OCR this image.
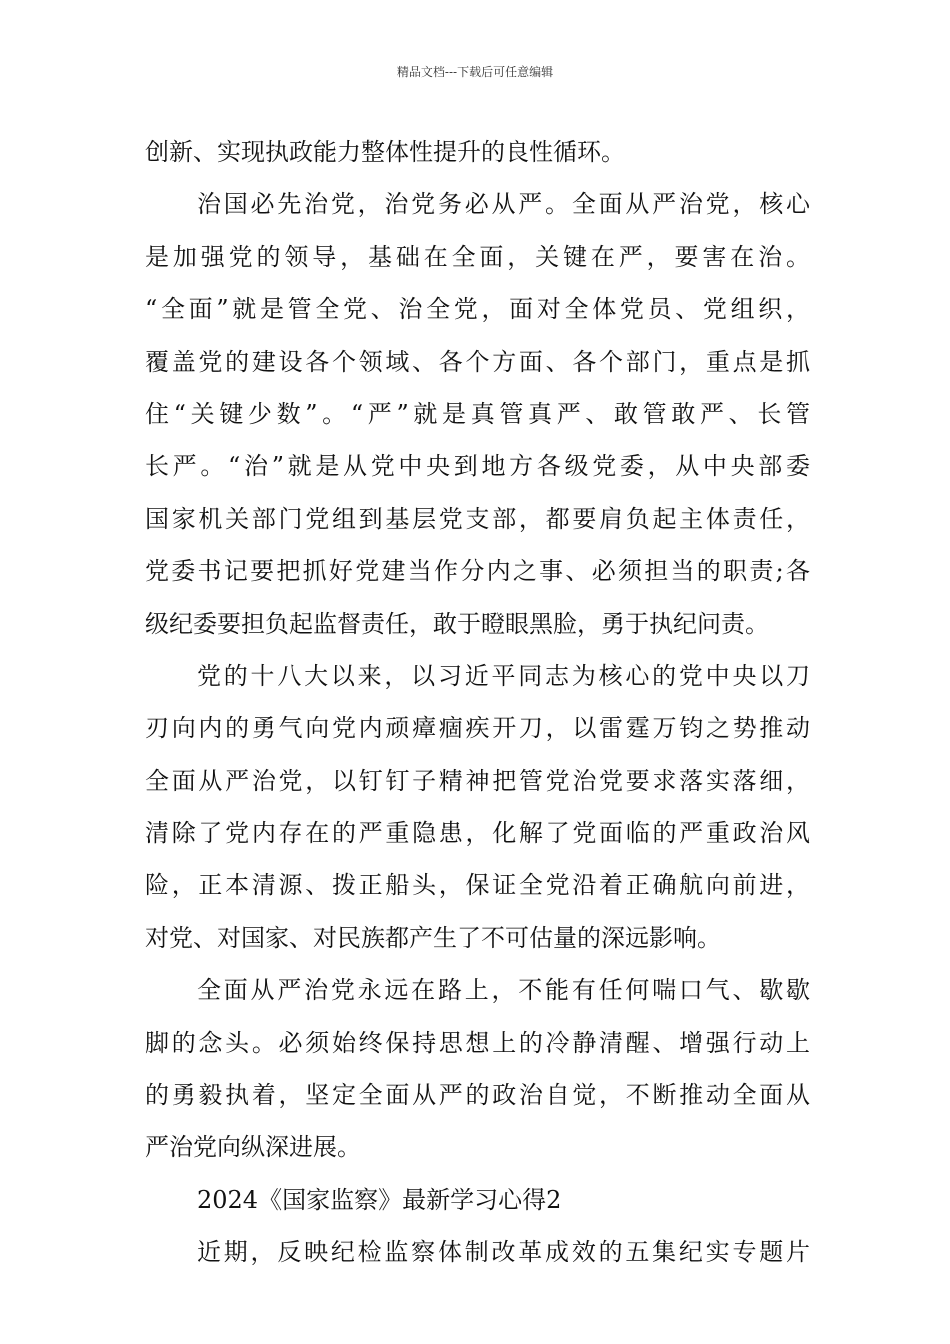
精品文档---下载后可任意编辑
创新、实现执政能力整体性提升的良性循环。
治国必先治党，治党务必从严。全面从严治党，核心
是加强党的领导，基础在全面，关键在严，要害在治。
“全面”就是管全党、治全党，面对全体党员、党组织，
覆盖党的建设各个领域、各个方面、各个部门，重点是抓
住“关键少数”。“严”就是真管真严、敢管敢严、长管
长严。“治”就是从党中央到地方各级党委，从中央部委
国家机关部门党组到基层党支部，都要肩负起主体责任，
党委书记要把抓好党建当作分内之事、必须担当的职责;各
级纪委要担负起监督责任，敢于瞪眼黑脸，勇于执纪问责。
党的十八大以来，以习近平同志为核心的党中央以刀
刃向内的勇气向党内顽瘴痼疾开刀，以雷霆万钧之势推动
全面从严治党，以钉钉子精神把管党治党要求落实落细，
清除了党内存在的严重隐患，化解了党面临的严重政治风
险，正本清源、拨正船头，保证全党沿着正确航向前进，
对党、对国家、对民族都产生了不可估量的深远影响。
全面从严治党永远在路上，不能有任何喘口气、歇歇
脚的念头。必须始终保持思想上的冷静清醒、增强行动上
的勇毅执着，坚定全面从严的政治自觉，不断推动全面从
严治党向纵深进展。
2024《国家监察》最新学习心得2
近期，反映纪检监察体制改革成效的五集纪实专题片
